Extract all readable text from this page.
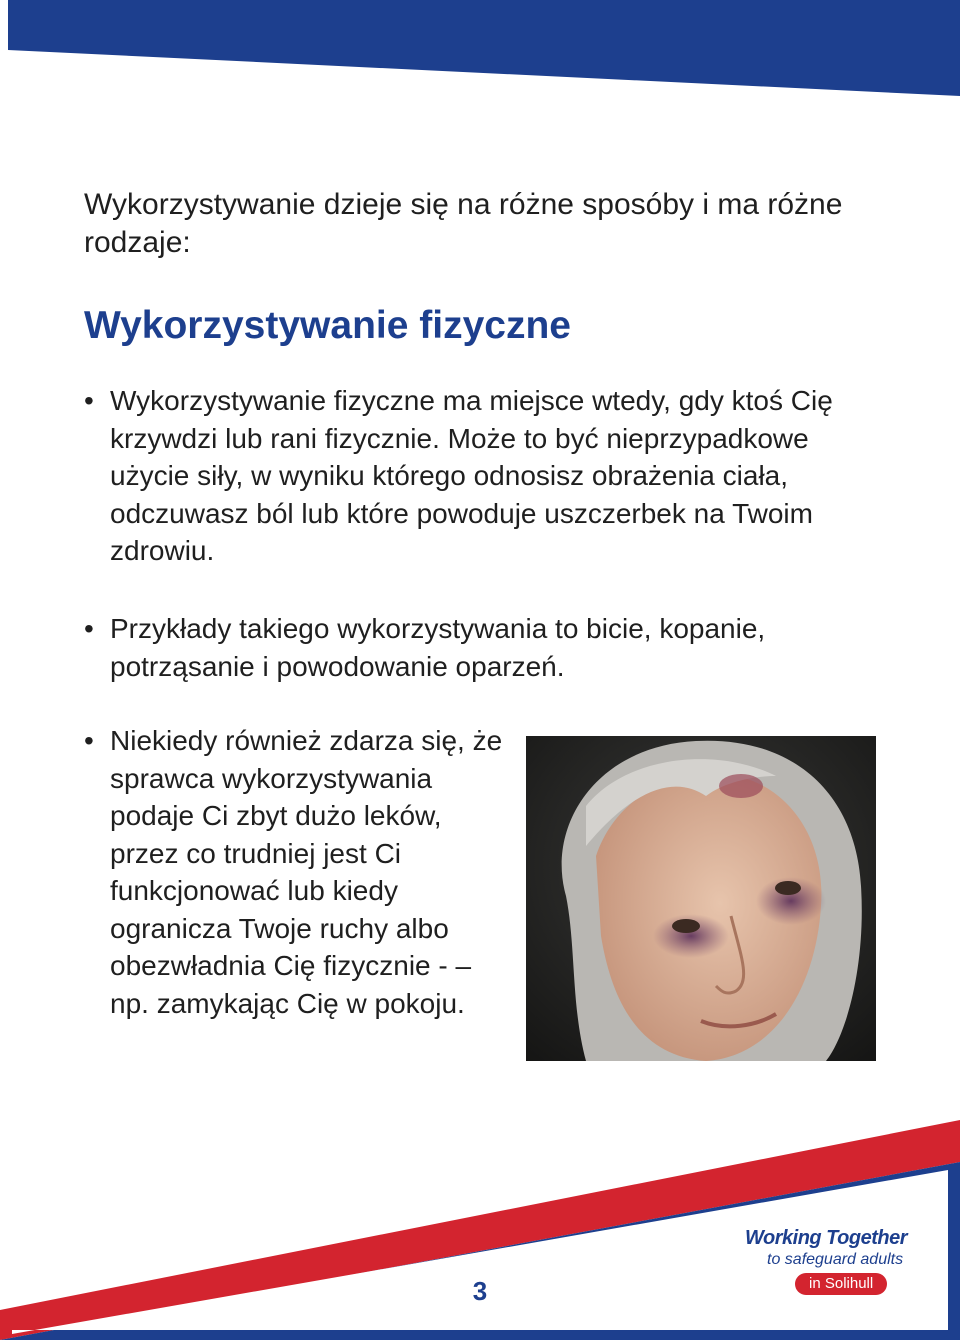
Wykorzystywanie dzieje się na różne sposóby i ma różne rodzaje:

Wykorzystywanie fizyczne
• Wykorzystywanie fizyczne ma miejsce wtedy, gdy ktoś Cię krzywdzi lub rani fizycznie. Może to być nieprzypadkowe użycie siły, w wyniku którego odnosisz obrażenia ciała, odczuwasz ból lub które powoduje uszczerbek na Twoim zdrowiu.
• Przykłady takiego wykorzystywania to bicie, kopanie, potrząsanie i powodowanie oparzeń.
• Niekiedy również zdarza się, że sprawca wykorzystywania podaje Ci zbyt dużo leków, przez co trudniej jest Ci funkcjonować lub kiedy ogranicza Twoje ruchy albo obezwładnia Cię fizycznie - – np. zamykając Cię w pokoju.
3
Working Together
to safeguard adults
in Solihull
